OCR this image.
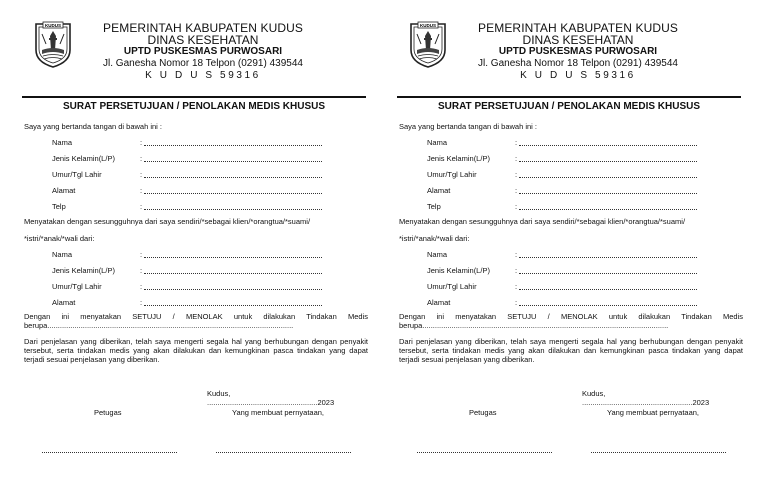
KUDUS	PEMERINTAH KABUPATEN KUDUS
DINAS KESEHATAN
UPTD PUSKESMAS PURWOSARI
Jl. Ganesha Nomor 18 Telpon (0291) 439544
K U D U S 59316
SURAT PERSETUJUAN / PENOLAKAN MEDIS KHUSUS
Saya yang bertanda tangan di bawah ini :
Nama	:
Jenis Kelamin(L/P)	:
Umur/Tgl Lahir	:
Alamat	:
Telp	:
Menyatakan dengan sesungguhnya dari saya sendiri/*sebagai klien/*orangtua/*suami/
*istri/*anak/*wali dari:
Nama	:
Jenis Kelamin(L/P)	:
Umur/Tgl Lahir	:
Alamat	:
Dengan ini menyatakan SETUJU / MENOLAK untuk dilakukan Tindakan Medis berupa......................................................................................................................
Dari penjelasan yang diberikan, telah saya mengerti segala hal yang berhubungan dengan penyakit tersebut, serta tindakan medis yang akan dilakukan dan kemungkinan pasca tindakan yang dapat terjadi sesuai penjelasan yang diberikan.
Kudus, .....................................................2023
Petugas	Yang membuat pernyataan,
KUDUS	PEMERINTAH KABUPATEN KUDUS
DINAS KESEHATAN
UPTD PUSKESMAS PURWOSARI
Jl. Ganesha Nomor 18 Telpon (0291) 439544
K U D U S 59316
SURAT PERSETUJUAN / PENOLAKAN MEDIS KHUSUS
Saya yang bertanda tangan di bawah ini :
Nama	:
Jenis Kelamin(L/P)	:
Umur/Tgl Lahir	:
Alamat	:
Telp	:
Menyatakan dengan sesungguhnya dari saya sendiri/*sebagai klien/*orangtua/*suami/
*istri/*anak/*wali dari:
Nama	:
Jenis Kelamin(L/P)	:
Umur/Tgl Lahir	:
Alamat	:
Dengan ini menyatakan SETUJU / MENOLAK untuk dilakukan Tindakan Medis berupa......................................................................................................................
Dari penjelasan yang diberikan, telah saya mengerti segala hal yang berhubungan dengan penyakit tersebut, serta tindakan medis yang akan dilakukan dan kemungkinan pasca tindakan yang dapat terjadi sesuai penjelasan yang diberikan.
Kudus, .....................................................2023
Petugas	Yang membuat pernyataan,
